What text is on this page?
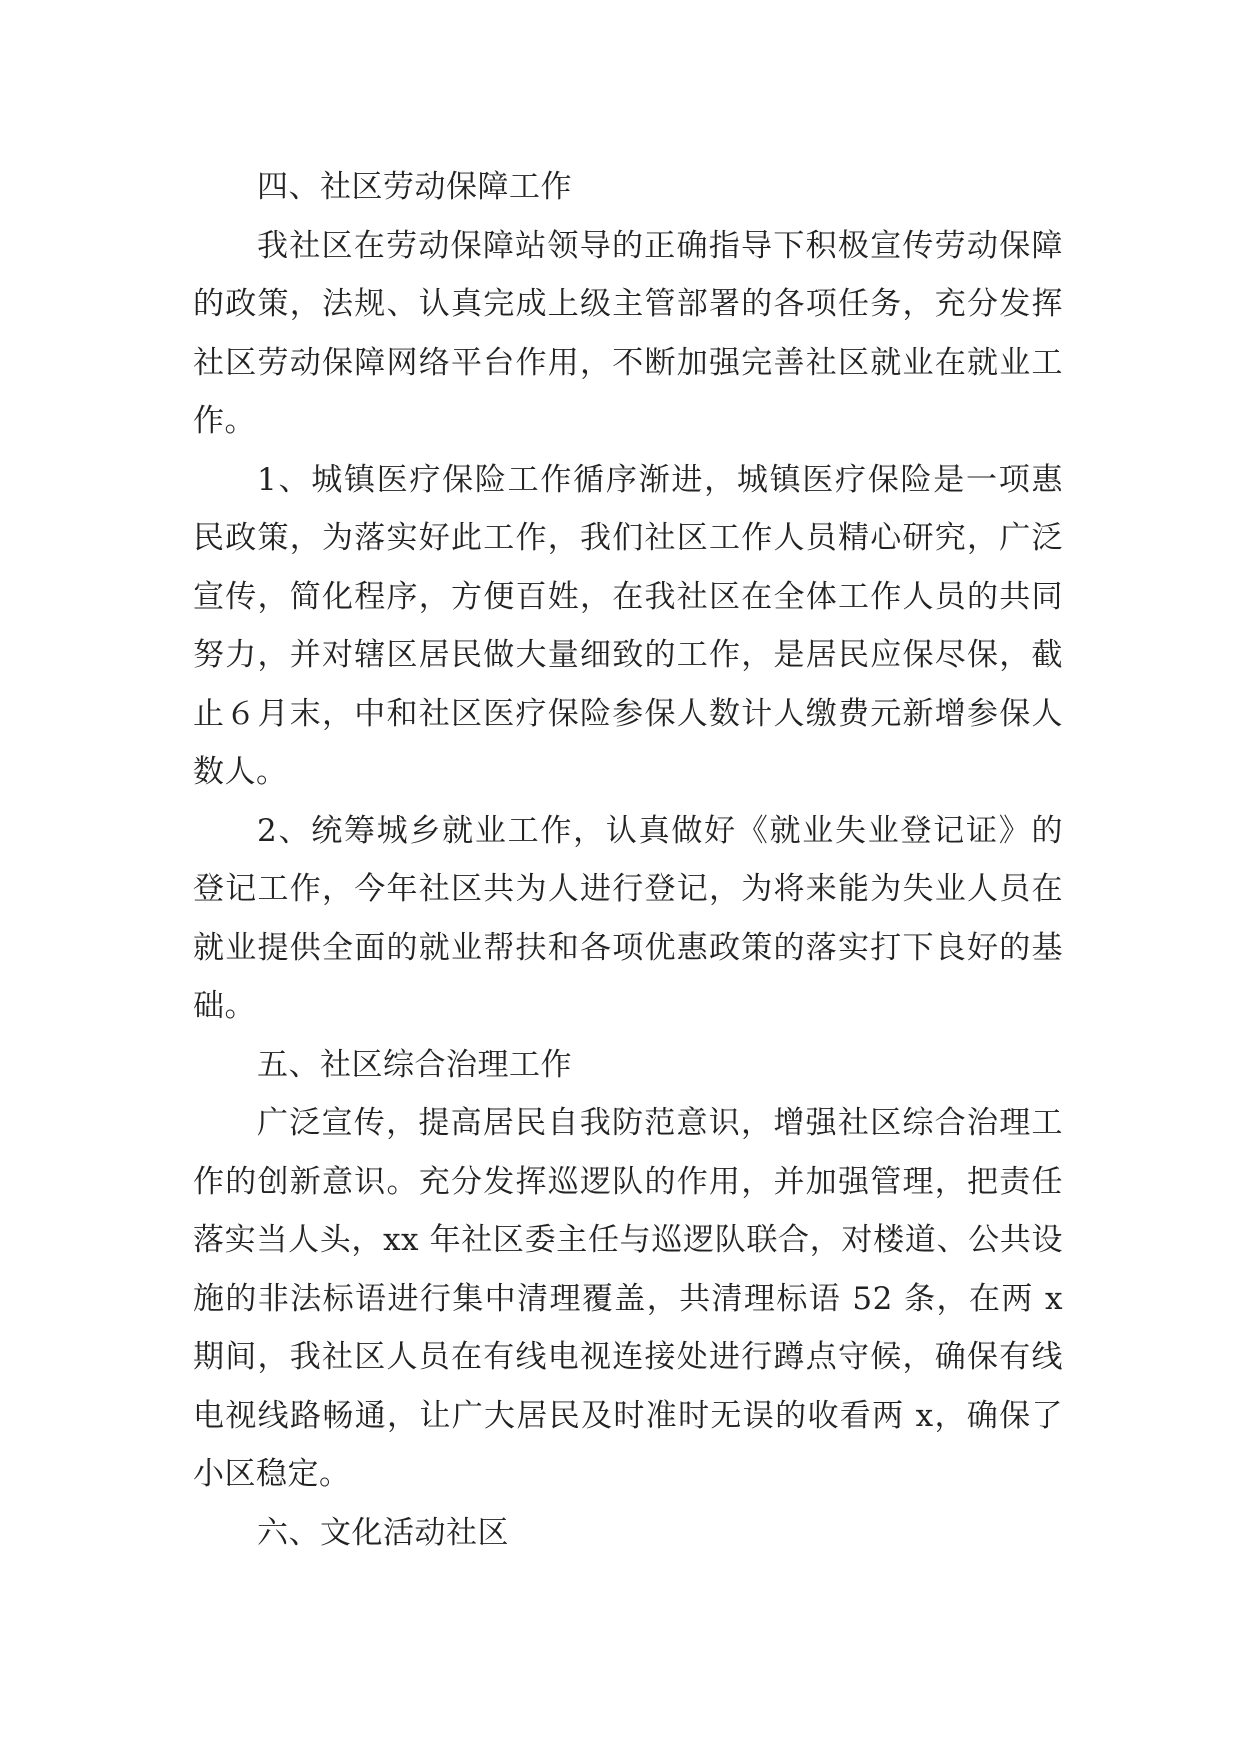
四、社区劳动保障工作

我社区在劳动保障站领导的正确指导下积极宣传劳动保障的政策，法规、认真完成上级主管部署的各项任务，充分发挥社区劳动保障网络平台作用，不断加强完善社区就业在就业工作。

1、城镇医疗保险工作循序渐进，城镇医疗保险是一项惠民政策，为落实好此工作，我们社区工作人员精心研究，广泛宣传，简化程序，方便百姓，在我社区在全体工作人员的共同努力，并对辖区居民做大量细致的工作，是居民应保尽保，截止６月末，中和社区医疗保险参保人数计人缴费元新增参保人数人。

2、统筹城乡就业工作，认真做好《就业失业登记证》的登记工作，今年社区共为人进行登记，为将来能为失业人员在就业提供全面的就业帮扶和各项优惠政策的落实打下良好的基础。

五、社区综合治理工作

广泛宣传，提高居民自我防范意识，增强社区综合治理工作的创新意识。充分发挥巡逻队的作用，并加强管理，把责任落实当人头，xx 年社区委主任与巡逻队联合，对楼道、公共设施的非法标语进行集中清理覆盖，共清理标语 52 条，在两 x 期间，我社区人员在有线电视连接处进行蹲点守候，确保有线电视线路畅通，让广大居民及时准时无误的收看两 x，确保了小区稳定。

六、文化活动社区
